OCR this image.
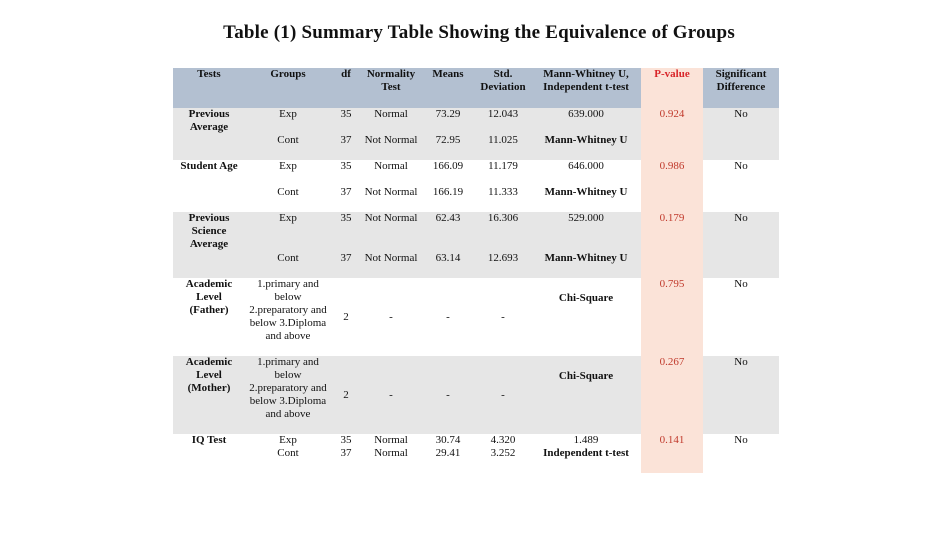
Table (1) Summary Table Showing the Equivalence of Groups
Tests	Groups	df	Normality Test	Means	Std. Deviation	Mann-Whitney U, Independent t-test	P-value	Significant Difference
Previous Average	Exp	35	Normal	73.29	12.043	639.000	0.924	No
	Cont	37	Not Normal	72.95	11.025	Mann-Whitney U		
Student Age	Exp	35	Normal	166.09	11.179	646.000	0.986	No
	Cont	37	Not Normal	166.19	11.333	Mann-Whitney U		
Previous Science Average	Exp	35	Not Normal	62.43	16.306	529.000	0.179	No
	Cont	37	Not Normal	63.14	12.693	Mann-Whitney U		
Academic Level (Father)	1.primary and below 2.preparatory and below 3.Diploma and above	2	-	-	-	Chi-Square	0.795	No
Academic Level (Mother)	1.primary and below 2.preparatory and below 3.Diploma and above	2	-	-	-	Chi-Square	0.267	No
IQ Test	Exp	35	Normal	30.74	4.320	1.489	0.141	No
	Cont	37	Normal	29.41	3.252	Independent t-test		
